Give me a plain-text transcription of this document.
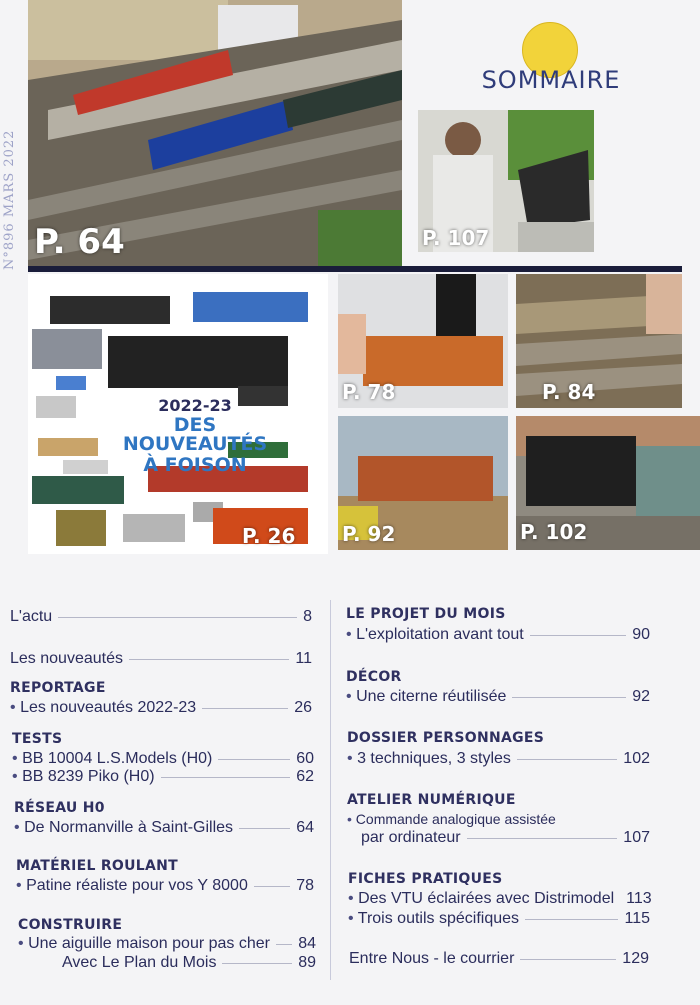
N°896 MARS 2022 P. 64
SOMMAIRE
P. 107
2022-23
DES NOUVEAUTÉS
À FOISON
P. 26
P. 78	P. 84
P. 92	P. 102
L'actu	8
Les nouveautés	11
REPORTAGE
• Les nouveautés 2022-23	26
TESTS
• BB 10004 L.S.Models (H0)	60
• BB 8239 Piko (H0)	62
RÉSEAU H0
• De Normanville à Saint-Gilles	64
MATÉRIEL ROULANT
• Patine réaliste pour vos Y 8000	78
CONSTRUIRE
• Une aiguille maison pour pas cher 84
Avec Le Plan du Mois	89
LE PROJET DU MOIS
• L'exploitation avant tout	90
DÉCOR
• Une citerne réutilisée	92
DOSSIER PERSONNAGES
• 3 techniques, 3 styles	102
ATELIER NUMÉRIQUE
• Commande analogique assistée
par ordinateur	107
FICHES PRATIQUES
• Des VTU éclairées avec Distrimodel 113
• Trois outils spécifiques	115
Entre Nous - le courrier	129
